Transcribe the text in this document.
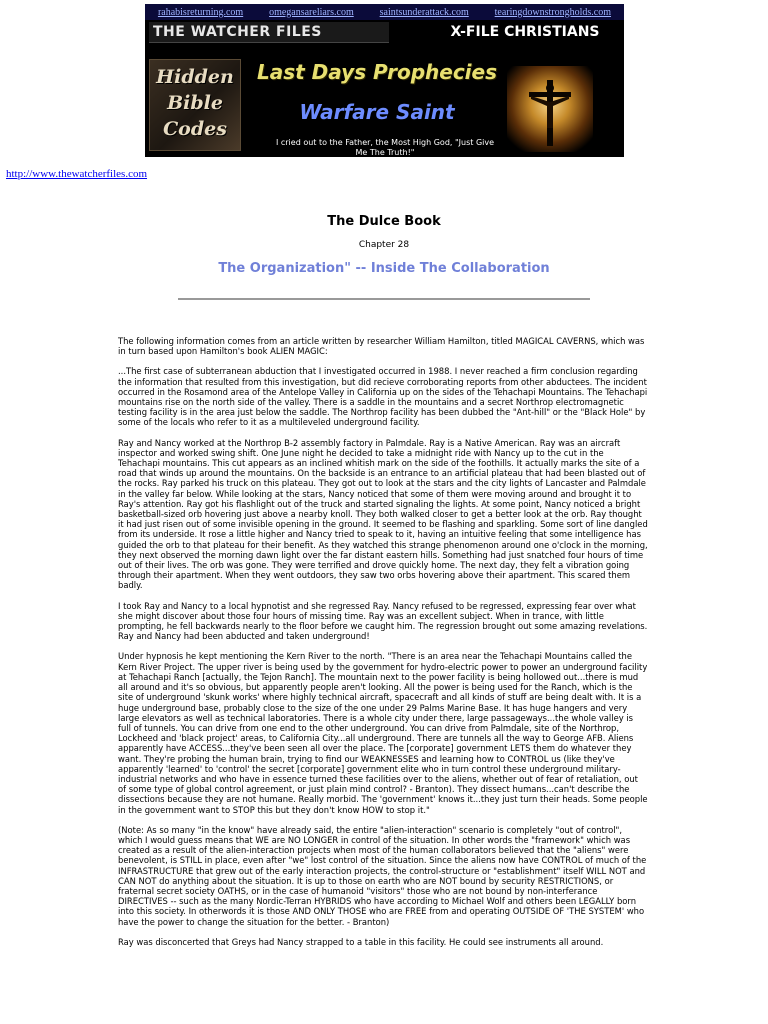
rahabisreturning.com	omegansareliars.com	saintsunderattack.com	tearingdownstrongholds.com
THE WATCHER FILES	X-FILE CHRISTIANS
Hidden
Bible
Codes
Last Days Prophecies
Warfare Saint
I cried out to the Father, the Most High God, "Just Give Me The Truth!"
http://www.thewatcherfiles.com
The Dulce Book
Chapter 28
The Organization" -- Inside The Collaboration

The following information comes from an article written by researcher William Hamilton, titled MAGICAL CAVERNS, which was in turn based upon Hamilton's book ALIEN MAGIC:

...The first case of subterranean abduction that I investigated occurred in 1988. I never reached a firm conclusion regarding the information that resulted from this investigation, but did recieve corroborating reports from other abductees. The incident occurred in the Rosamond area of the Antelope Valley in California up on the sides of the Tehachapi Mountains. The Tehachapi mountains rise on the north side of the valley. There is a saddle in the mountains and a secret Northrop electromagnetic testing facility is in the area just below the saddle. The Northrop facility has been dubbed the "Ant-hill" or the "Black Hole" by some of the locals who refer to it as a multileveled underground facility.

Ray and Nancy worked at the Northrop B-2 assembly factory in Palmdale. Ray is a Native American. Ray was an aircraft inspector and worked swing shift. One June night he decided to take a midnight ride with Nancy up to the cut in the Tehachapi mountains. This cut appears as an inclined whitish mark on the side of the foothills. It actually marks the site of a road that winds up around the mountains. On the backside is an entrance to an artificial plateau that had been blasted out of the rocks. Ray parked his truck on this plateau. They got out to look at the stars and the city lights of Lancaster and Palmdale in the valley far below. While looking at the stars, Nancy noticed that some of them were moving around and brought it to Ray's attention. Ray got his flashlight out of the truck and started signaling the lights. At some point, Nancy noticed a bright basketball-sized orb hovering just above a nearby knoll. They both walked closer to get a better look at the orb. Ray thought it had just risen out of some invisible opening in the ground. It seemed to be flashing and sparkling. Some sort of line dangled from its underside. It rose a little higher and Nancy tried to speak to it, having an intuitive feeling that some intelligence has guided the orb to that plateau for their benefit. As they watched this strange phenomenon around one o'clock in the morning, they next observed the morning dawn light over the far distant eastern hills. Something had just snatched four hours of time out of their lives. The orb was gone. They were terrified and drove quickly home. The next day, they felt a vibration going through their apartment. When they went outdoors, they saw two orbs hovering above their apartment. This scared them badly.

I took Ray and Nancy to a local hypnotist and she regressed Ray. Nancy refused to be regressed, expressing fear over what she might discover about those four hours of missing time. Ray was an excellent subject. When in trance, with little prompting, he fell backwards nearly to the floor before we caught him. The regression brought out some amazing revelations. Ray and Nancy had been abducted and taken underground!

Under hypnosis he kept mentioning the Kern River to the north. "There is an area near the Tehachapi Mountains called the Kern River Project. The upper river is being used by the government for hydro-electric power to power an underground facility at Tehachapi Ranch [actually, the Tejon Ranch]. The mountain next to the power facility is being hollowed out...there is mud all around and it's so obvious, but apparently people aren't looking. All the power is being used for the Ranch, which is the site of underground 'skunk works' where highly technical aircraft, spacecraft and all kinds of stuff are being dealt with. It is a huge underground base, probably close to the size of the one under 29 Palms Marine Base. It has huge hangers and very large elevators as well as technical laboratories. There is a whole city under there, large passageways...the whole valley is full of tunnels. You can drive from one end to the other underground. You can drive from Palmdale, site of the Northrop, Lockheed and 'black project' areas, to California City...all underground. There are tunnels all the way to George AFB. Aliens apparently have ACCESS...they've been seen all over the place. The [corporate] government LETS them do whatever they want. They're probing the human brain, trying to find our WEAKNESSES and learning how to CONTROL us (like they've apparently 'learned' to 'control' the secret [corporate] government elite who in turn control these underground military-industrial networks and who have in essence turned these facilities over to the aliens, whether out of fear of retaliation, out of some type of global control agreement, or just plain mind control? - Branton). They dissect humans...can't describe the dissections because they are not humane. Really morbid. The 'government' knows it...they just turn their heads. Some people in the government want to STOP this but they don't know HOW to stop it."

(Note: As so many "in the know" have already said, the entire "alien-interaction" scenario is completely "out of control", which I would guess means that WE are NO LONGER in control of the situation. In other words the "framework" which was created as a result of the alien-interaction projects when most of the human collaborators believed that the "aliens" were benevolent, is STILL in place, even after "we" lost control of the situation. Since the aliens now have CONTROL of much of the INFRASTRUCTURE that grew out of the early interaction projects, the control-structure or "establishment" itself WILL NOT and CAN NOT do anything about the situation. It is up to those on earth who are NOT bound by security RESTRICTIONS, or fraternal secret society OATHS, or in the case of humanoid "visitors" those who are not bound by non-interferance DIRECTIVES -- such as the many Nordic-Terran HYBRIDS who have according to Michael Wolf and others been LEGALLY born into this society. In otherwords it is those AND ONLY THOSE who are FREE from and operating OUTSIDE OF 'THE SYSTEM' who have the power to change the situation for the better. - Branton)

Ray was disconcerted that Greys had Nancy strapped to a table in this facility. He could see instruments all around.
